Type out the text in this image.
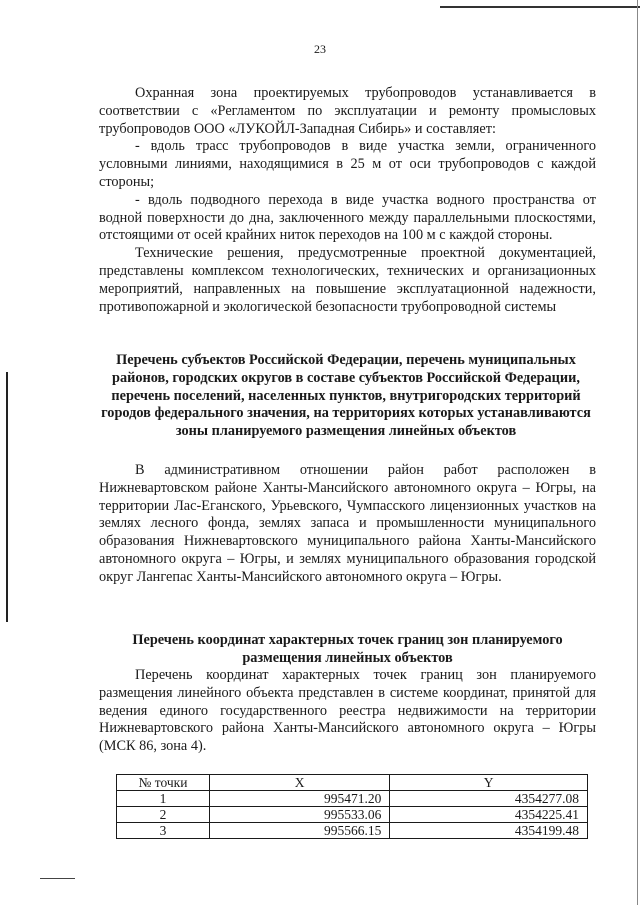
23

Охранная зона проектируемых трубопроводов устанавливается в соответствии с «Регламентом по эксплуатации и ремонту промысловых трубопроводов ООО «ЛУКОЙЛ-Западная Сибирь» и составляет:

- вдоль трасс трубопроводов в виде участка земли, ограниченного условными линиями, находящимися в 25 м от оси трубопроводов с каждой стороны;

- вдоль подводного перехода в виде участка водного пространства от водной поверхности до дна, заключенного между параллельными плоскостями, отстоящими от осей крайних ниток переходов на 100 м с каждой стороны.

Технические решения, предусмотренные проектной документацией, представлены комплексом технологических, технических и организационных мероприятий, направленных на повышение эксплуатационной надежности, противопожарной и экологической безопасности трубопроводной системы

Перечень субъектов Российской Федерации, перечень муниципальных районов, городских округов в составе субъектов Российской Федерации, перечень поселений, населенных пунктов, внутригородских территорий городов федерального значения, на территориях которых устанавливаются зоны планируемого размещения линейных объектов

В административном отношении район работ расположен в Нижневартовском районе Ханты-Мансийского автономного округа – Югры, на территории Лас-Еганского, Урьевского, Чумпасского лицензионных участков на землях лесного фонда, землях запаса и промышленности муниципального образования Нижневартовского муниципального района Ханты-Мансийского автономного округа – Югры, и землях муниципального образования городской округ Лангепас Ханты-Мансийского автономного округа – Югры.

Перечень координат характерных точек границ зон планируемого размещения линейных объектов

Перечень координат характерных точек границ зон планируемого размещения линейного объекта представлен в системе координат, принятой для ведения единого государственного реестра недвижимости на территории Нижневартовского района Ханты-Мансийского автономного округа – Югры (МСК 86, зона 4).

№ точки	X	Y
1	995471.20	4354277.08
2	995533.06	4354225.41
3	995566.15	4354199.48
